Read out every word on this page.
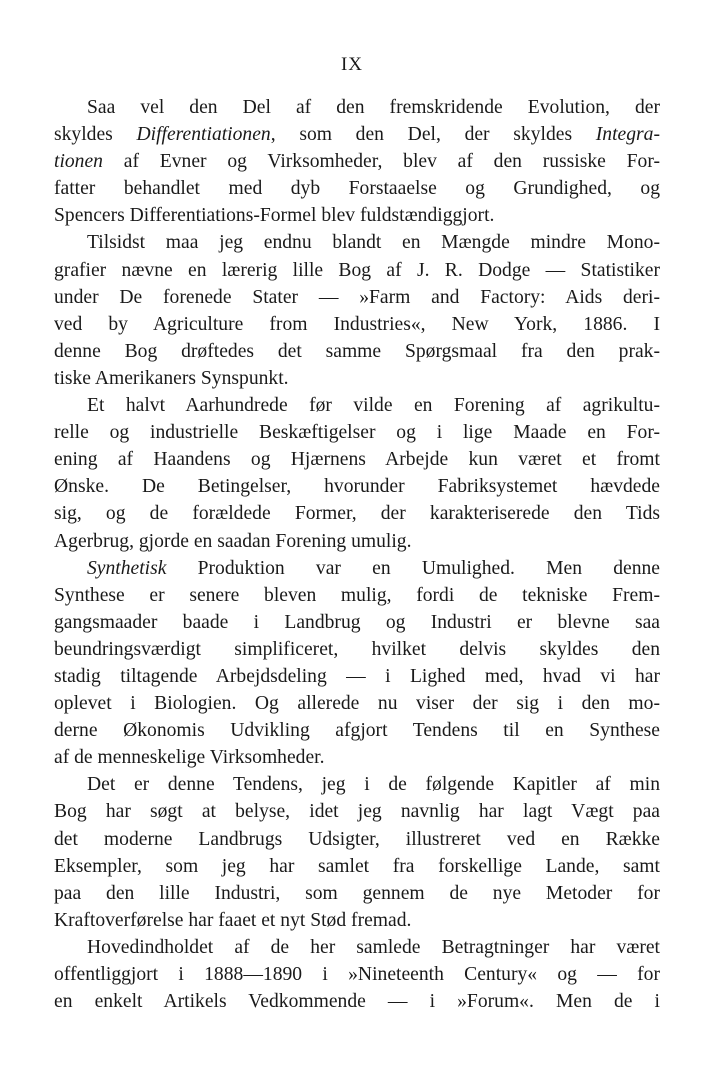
IX
Saa vel den Del af den fremskridende Evolution, der
skyldes Differentiationen, som den Del, der skyldes Integra-
tionen af Evner og Virksomheder, blev af den russiske For-
fatter behandlet med dyb Forstaaelse og Grundighed, og
Spencers Differentiations-Formel blev fuldstændiggjort.
Tilsidst maa jeg endnu blandt en Mængde mindre Mono-
grafier nævne en lærerig lille Bog af J. R. Dodge — Statistiker
under De forenede Stater — »Farm and Factory: Aids deri-
ved by Agriculture from Industries«, New York, 1886. I
denne Bog drøftedes det samme Spørgsmaal fra den prak-
tiske Amerikaners Synspunkt.
Et halvt Aarhundrede før vilde en Forening af agrikultu-
relle og industrielle Beskæftigelser og i lige Maade en For-
ening af Haandens og Hjærnens Arbejde kun været et fromt
Ønske. De Betingelser, hvorunder Fabriksystemet hævdede
sig, og de forældede Former, der karakteriserede den Tids
Agerbrug, gjorde en saadan Forening umulig.
Synthetisk Produktion var en Umulighed. Men denne
Synthese er senere bleven mulig, fordi de tekniske Frem-
gangsmaader baade i Landbrug og Industri er blevne saa
beundringsværdigt simplificeret, hvilket delvis skyldes den
stadig tiltagende Arbejdsdeling — i Lighed med, hvad vi har
oplevet i Biologien. Og allerede nu viser der sig i den mo-
derne Økonomis Udvikling afgjort Tendens til en Synthese
af de menneskelige Virksomheder.
Det er denne Tendens, jeg i de følgende Kapitler af min
Bog har søgt at belyse, idet jeg navnlig har lagt Vægt paa
det moderne Landbrugs Udsigter, illustreret ved en Række
Eksempler, som jeg har samlet fra forskellige Lande, samt
paa den lille Industri, som gennem de nye Metoder for
Kraftoverførelse har faaet et nyt Stød fremad.
Hovedindholdet af de her samlede Betragtninger har været
offentliggjort i 1888—1890 i »Nineteenth Century« og — for
en enkelt Artikels Vedkommende — i »Forum«. Men de i
